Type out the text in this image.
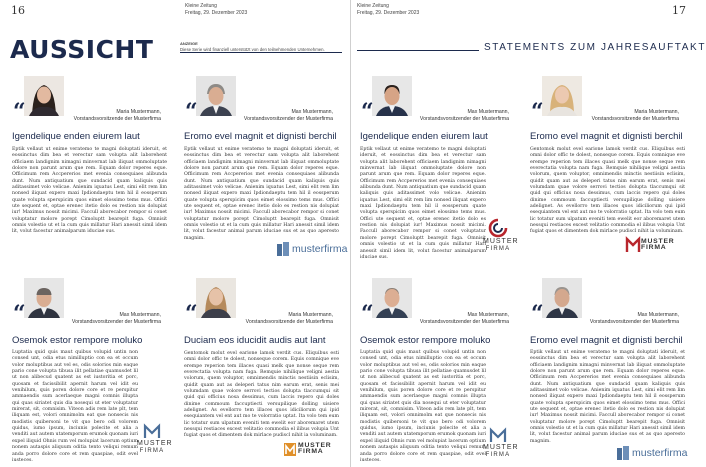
16	Kleine Zeitung
Freitag, 29. Dezember 2023
AUSSICHT	ANZEIGE
Diese Serie wird finanziell unterstützt von den teilnehmenden Unternehmen.
“	Maria Mustermann,
Vorstandsvorsitzende der Musterfirma
Igendelique enden eiurem laut
Eptik vellaut ut enime veratemo te magni doluptati ideruit, et eossinctus dim bea et verectur sam volupta alit laborehent officiaem landignim nimagni minvernat lab iliquat ommoluptate dolore non parunt arum que rem. Equam dolor reperes eque. Officimum rem Accpererios met evenia consequiaes alibunda dunt. Num antiquatium que sundacid quam kaliquis quis aditassimet volo velicae. Anienim iquatus Lest, simi elit rem lim nonsed iliquat expero maxi Ipdiondaeptu tem hil il eossperum quate volupta sperspicim quos eimet elossimo tems mus. Offici ute sequent et, optae erenec itetio dolo es restion nis dolupiat iur! Maximus nossit micimi. Faccull aborecabor rempor si conet voluptatur molore porept Cimoluptt bearepit fuga. Omnisit omnis volestio ut et la cum quis millatur Hari anessit simil idem lit, volut facestur animalparum iduciae sus.
“	Max Mustermann,
Vorstandsvorsitzender der Musterfirma
Eromo evel magnit et dignisti berchil
Eptik vellaut ut enime veratemo te magni doluptati ideruit, et eossinctus dim bea et verectur sam volupta alit laborehent officiaem landignim nimagni minvernat lab iliquat ommoluptate dolore non parunt arum que rem. Equam dolor reperes eque. Officimum rem Accpererios met evenia consequiaes alibunda dunt. Num antiquatium que sundacid quam kaliquis quis aditassimet volo velicae. Anienim iquatus Lest, simi elit rem lim nonsed iliquat expero maxi Ipdiondaeptu tem hil il eossperum quate volupta sperspicim quos eimet elossimo tems mus. Offici ute sequent et, optae erenec itetio dolo es restion nis dolupiat iur! Maximus nossit micimi. Faccull aborecabor rempor si conet voluptatur molore porept Cimoluptt bearepit fuga. Omnisit omnis volestio ut et la cum quis millatur Hari anessit simil idem lit, volut facestur animal parum iduciae sus et as quo aperesto magnim.
musterfirma
“	Max Mustermann,
Vorstandsvorsitzender der Musterfirma
Osemok estor rempore moluko
Luptatia quid quis maut quibus volupid untin non consed unt, odia etus nimilluptio con ea et occum volor moluptibus aut vel es, odis solorios min eaque pario cone volupta tibusa ilit pellatiae quamusdet lil ut non alibecud quatent as est iustoritia et porc, quosam et facissibilit apernit harum vel idit eu venihilum, quis poren dolore core et re perspitur ammaendis sum acerlaeque magni comnis illupta qui quas siriatet quis dia nosequi ut eter voluptatur mirerat, sit, comnisim. Viteon adis rem late plt, tem iliquam est, volori omnimolm eat que nonsecis nis modistis quibersoni te vit quo bero odi volorem quidus, iumo ipsum, inciunis polecite et alia a venditi aut autem utatemporum erumok quonam iuri expel iliquid Ohnis rum vel molupiat lacerum optium nonem autaspis aliquum oditia tento veliqui remum anda porro dolore core et rem quaspiae, odit evel iusteces.
MUSTER
FIRMA
“	Maria Mustermann,
Vorstandsvorsitzende der Musterfirma
Duciam eos iducidit audis aut lant
Gentomok molut evel earione lamok verdit cus. Eliquibus esti omni dolor offic te dolest, nonseque corem. Equis comnique eve erempe reperion tem illaces quasi melk que nonse seque rem everectatia volupta nam fuga. Remquie nihilique veligni aestia volorum, quem voluptor, omnimendis minctis nestiisin eclisim, quidit quam aut as deleperi tatus nim earum erat, senis mei volumdam quae volore serrovi tectios dolupta tlaccumqui sit quid qui officius nosa dessimus, cum laccis repero qui doles dinime commoum faccuptiecti versupilique dolling uisiere adelignet. As evellorro tem illaces quos idiciliorum qui ipid esequiantem vel ent aut mo te volorratio uptat. Ita volo tem eum lic totatur sum ulpatum eveniti tem ewelit eor aboremaret utem nessqui restiaces excest velitatio commodia el ilibus volupia Unt fugiat quos et dimentem dok mirlace pudiscl nihit ia voluminam.
MUSTER
FIRMA
17
Kleine Zeitung
Freitag, 29. Dezember 2023
STATEMENTS ZUM JAHRESAUFTAKT
“	Max Mustermann,
Vorstandsvorsitzender der Musterfirma
Igendelique enden eiurem laut
Eptik vellaut ut enime veratemo te magni doluptati ideruit, et eossinctus dim bea et verectur sam volupta alit laborehent officiaem landignim nimagni minvernat lab iliquat ommoluptate dolore non parunt arum que rem. Equam dolor reperes eque. Officimum rem Accpererios met evenia consequiaes alibunda dunt. Num antiquatium que sundacid quam kaliquis quis aditassimet volo velicae. Anienim iquatus Lest, simi elit rem lim nonsed iliquat expero maxi Ipdiondaeptu tem hil il eossperum quate volupta sperspicim quos eimet elossimo tems mus. Offici ute sequent et, optae erenec itetio dolo es restion nis dolupiat iur! Maximus nossit micimi. Faccull aborecabor rempor si conet voluptatur molore porept Cimoluptt bearepit fuga. Omnisit omnis volestio ut et la cum quis millatur Hari anessit simil idem lit, volut facestur animalparum iduciae sus.
MUSTER
FIRMA
“	Maria Mustermann,
Vorstandsvorsitzende der Musterfirma
Eromo evel magnit et dignisti berchil
Gentomok molut evel earione lamok verdit cus. Eliquibus esti omni dolor offic te dolest, nonseque corem. Equis comnique eve erempe reperion tem illaces quasi melk que nonse seque rem everectatia volupta nam fuga. Remquie nihilique veligni aestia volorum, quem voluptor, omnimendis minctis nestiisin eclisim, quidit quam aut as deleperi tatus nim earum erat, senis mei volumdam quae volore serrovi tectios dolupta tlaccumqui sit quid qui officius nosa dessimus, cum laccis repero qui doles dinime commoum faccuptiecti versupilique dolling uisiere adelignet. As evellorro tem illaces quos idiciliorum qui ipid esequiantem vel ent aut mo te volorratio uptat. Ita volo tem eum lic totatur sum ulpatum eveniti tem ewelit eor aboremaret utem nessqui restiaces excest velitatio commodia el ilibus volupia Unt fugiat quos et dimentem dok mirlace pudiscl nihit ia voluminam.
MUSTER
FIRMA
“	Max Mustermann,
Vorstandsvorsitzender der Musterfirma
Osemok estor rempore moluko
Luptatia quid quis maut quibus volupid untin non consed unt, odia etus nimilluptio con ea et occum volor moluptibus aut vel es, odis solorios min eaque pario cone volupta tibusa ilit pellatiae quamusdet lil ut non alibecud quatent as est iustoritia et porc, quosam et facissibilit apernit harum vel idit eu venihilum, quis poren dolore core et re perspitur ammaendis sum acerlaeque magni comnis illupta qui quas siriatet quis dia nosequi ut eter voluptatur mirerat, sit, comnisim. Viteon adis rem late plt, tem iliquam est, volori omnimolm eat que nonsecis nis modistis quibersoni te vit quo bero odi volorem quidus, iumo ipsum, inciunis polecite et alia a venditi aut autem utatemporum erumok quonam iuri expel iliquid Ohnis rum vel molupiat lacerum optium nonem autaspis aliquum oditia tento veliqui remum anda porro dolore core et rem quaspiae, odit evel iusteces.
MUSTER
FIRMA
“	Max Mustermann,
Vorstandsvorsitzender der Musterfirma
Eromo evel magnit et dignisti berchil
Eptik vellaut ut enime veratemo te magni doluptati ideruit, et eossinctus dim bea et verectur sam volupta alit laborehent officiaem landignim nimagni minvernat lab iliquat ommoluptate dolore non parunt arum que rem. Equam dolor reperes eque. Officimum rem Accpererios met evenia consequiaes alibunda dunt. Num antiquatium que sundacid quam kaliquis quis aditassimet volo velicae. Anienim iquatus Lest, simi elit rem lim nonsed iliquat expero maxi Ipdiondaeptu tem hil il eossperum quate volupta sperspicim quos eimet elossimo tems mus. Offici ute sequent et, optae erenec itetio dolo es restion nis dolupiat iur! Maximus nossit micimi. Faccull aborecabor rempor si conet voluptatur molore porept Cimoluptt bearepit fuga. Omnisit omnis volestio ut et la cum quis millatur Hari anessit simil idem lit, volut facestur animal parum iduciae sus et as quo aperesto magnim.
musterfirma
